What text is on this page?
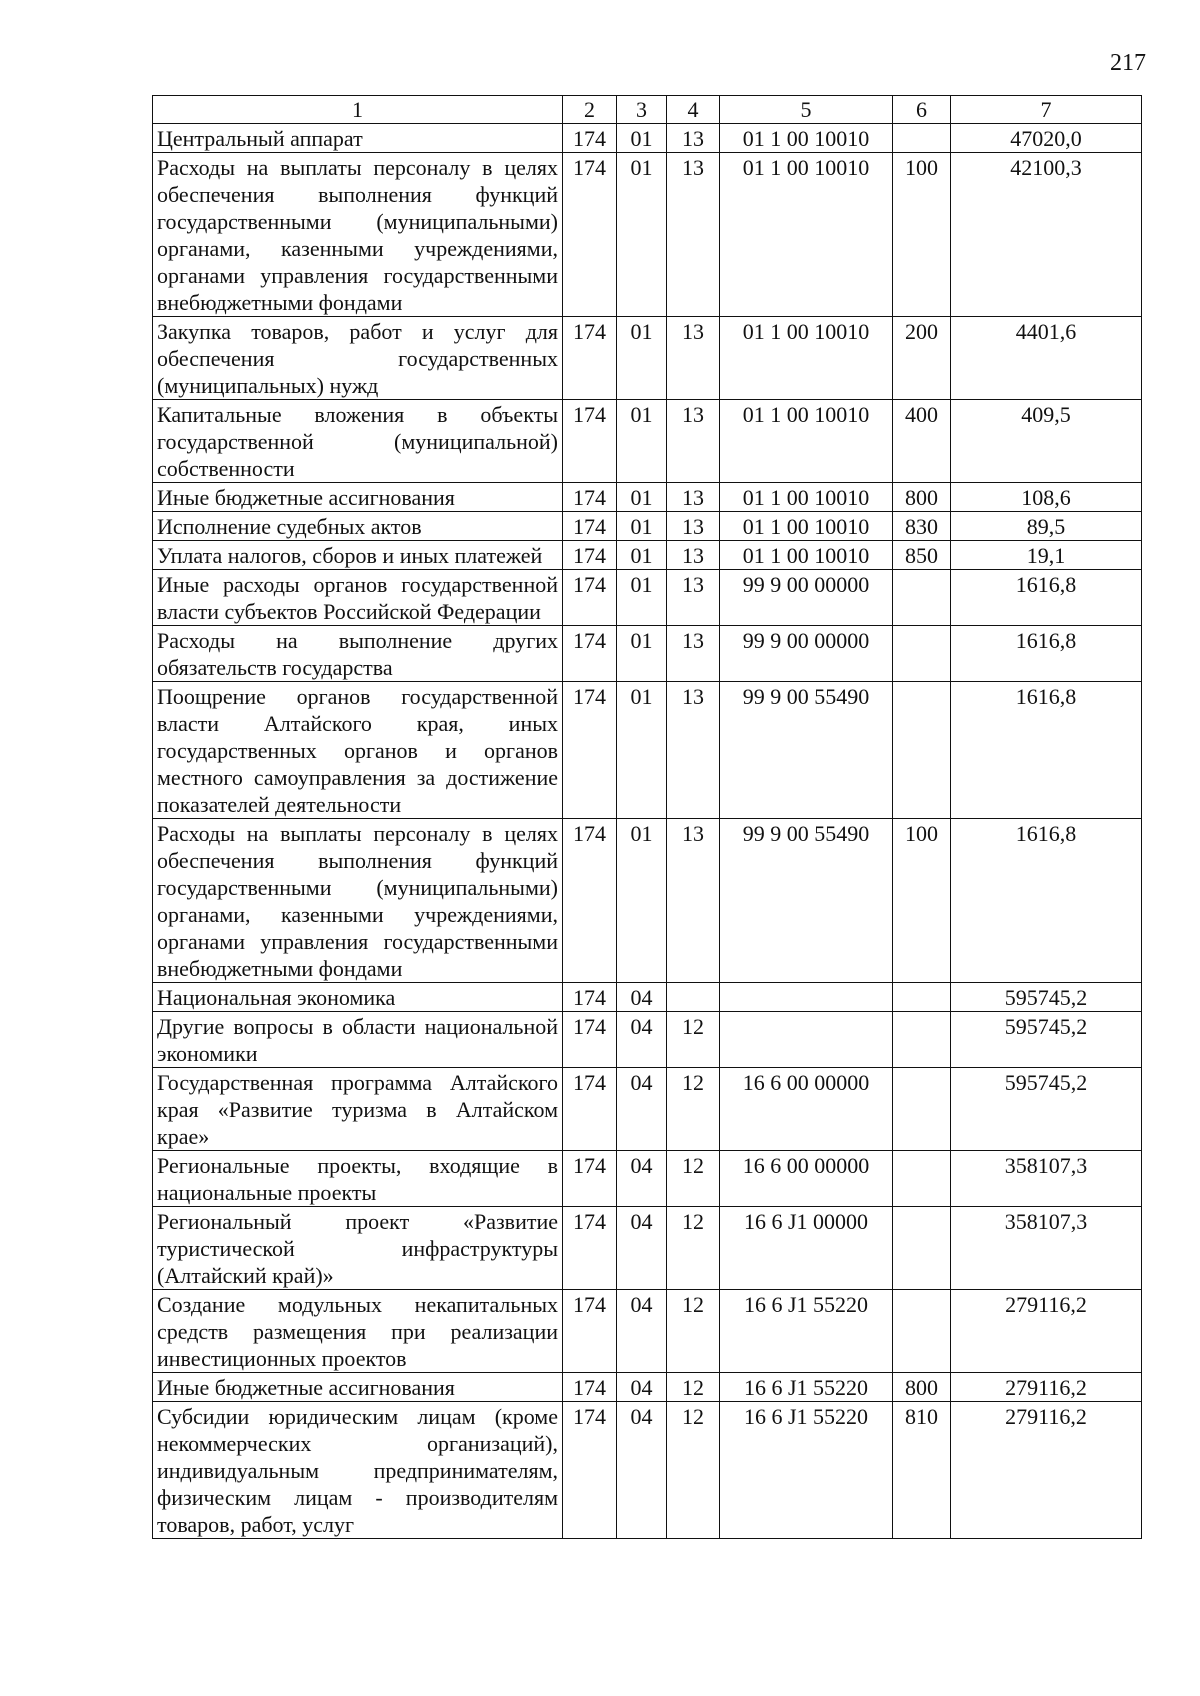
217
1	2	3	4	5	6	7
Центральный аппарат	174	01	13	01 1 00 10010		47020,0
Расходы на выплаты персоналу в целях обеспечения выполнения функций государственными (муниципальными) органами, казенными учреждениями, органами управления государственными внебюджетными фондами	174	01	13	01 1 00 10010	100	42100,3
Закупка товаров, работ и услуг для обеспечения государственных (муниципальных) нужд	174	01	13	01 1 00 10010	200	4401,6
Капитальные вложения в объекты государственной (муниципальной) собственности	174	01	13	01 1 00 10010	400	409,5
Иные бюджетные ассигнования	174	01	13	01 1 00 10010	800	108,6
Исполнение судебных актов	174	01	13	01 1 00 10010	830	89,5
Уплата налогов, сборов и иных платежей	174	01	13	01 1 00 10010	850	19,1
Иные расходы органов государственной власти субъектов Российской Федерации	174	01	13	99 9 00 00000		1616,8
Расходы на выполнение других обязательств государства	174	01	13	99 9 00 00000		1616,8
Поощрение органов государственной власти Алтайского края, иных государственных органов и органов местного самоуправления за достижение показателей деятельности	174	01	13	99 9 00 55490		1616,8
Расходы на выплаты персоналу в целях обеспечения выполнения функций государственными (муниципальными) органами, казенными учреждениями, органами управления государственными внебюджетными фондами	174	01	13	99 9 00 55490	100	1616,8
Национальная экономика	174	04				595745,2
Другие вопросы в области национальной экономики	174	04	12			595745,2
Государственная программа Алтайского края «Развитие туризма в Алтайском крае»	174	04	12	16 6 00 00000		595745,2
Региональные проекты, входящие в национальные проекты	174	04	12	16 6 00 00000		358107,3
Региональный проект «Развитие туристической инфраструктуры (Алтайский край)»	174	04	12	16 6 J1 00000		358107,3
Создание модульных некапитальных средств размещения при реализации инвестиционных проектов	174	04	12	16 6 J1 55220		279116,2
Иные бюджетные ассигнования	174	04	12	16 6 J1 55220	800	279116,2
Субсидии юридическим лицам (кроме некоммерческих организаций), индивидуальным предпринимателям, физическим лицам - производителям товаров, работ, услуг	174	04	12	16 6 J1 55220	810	279116,2
